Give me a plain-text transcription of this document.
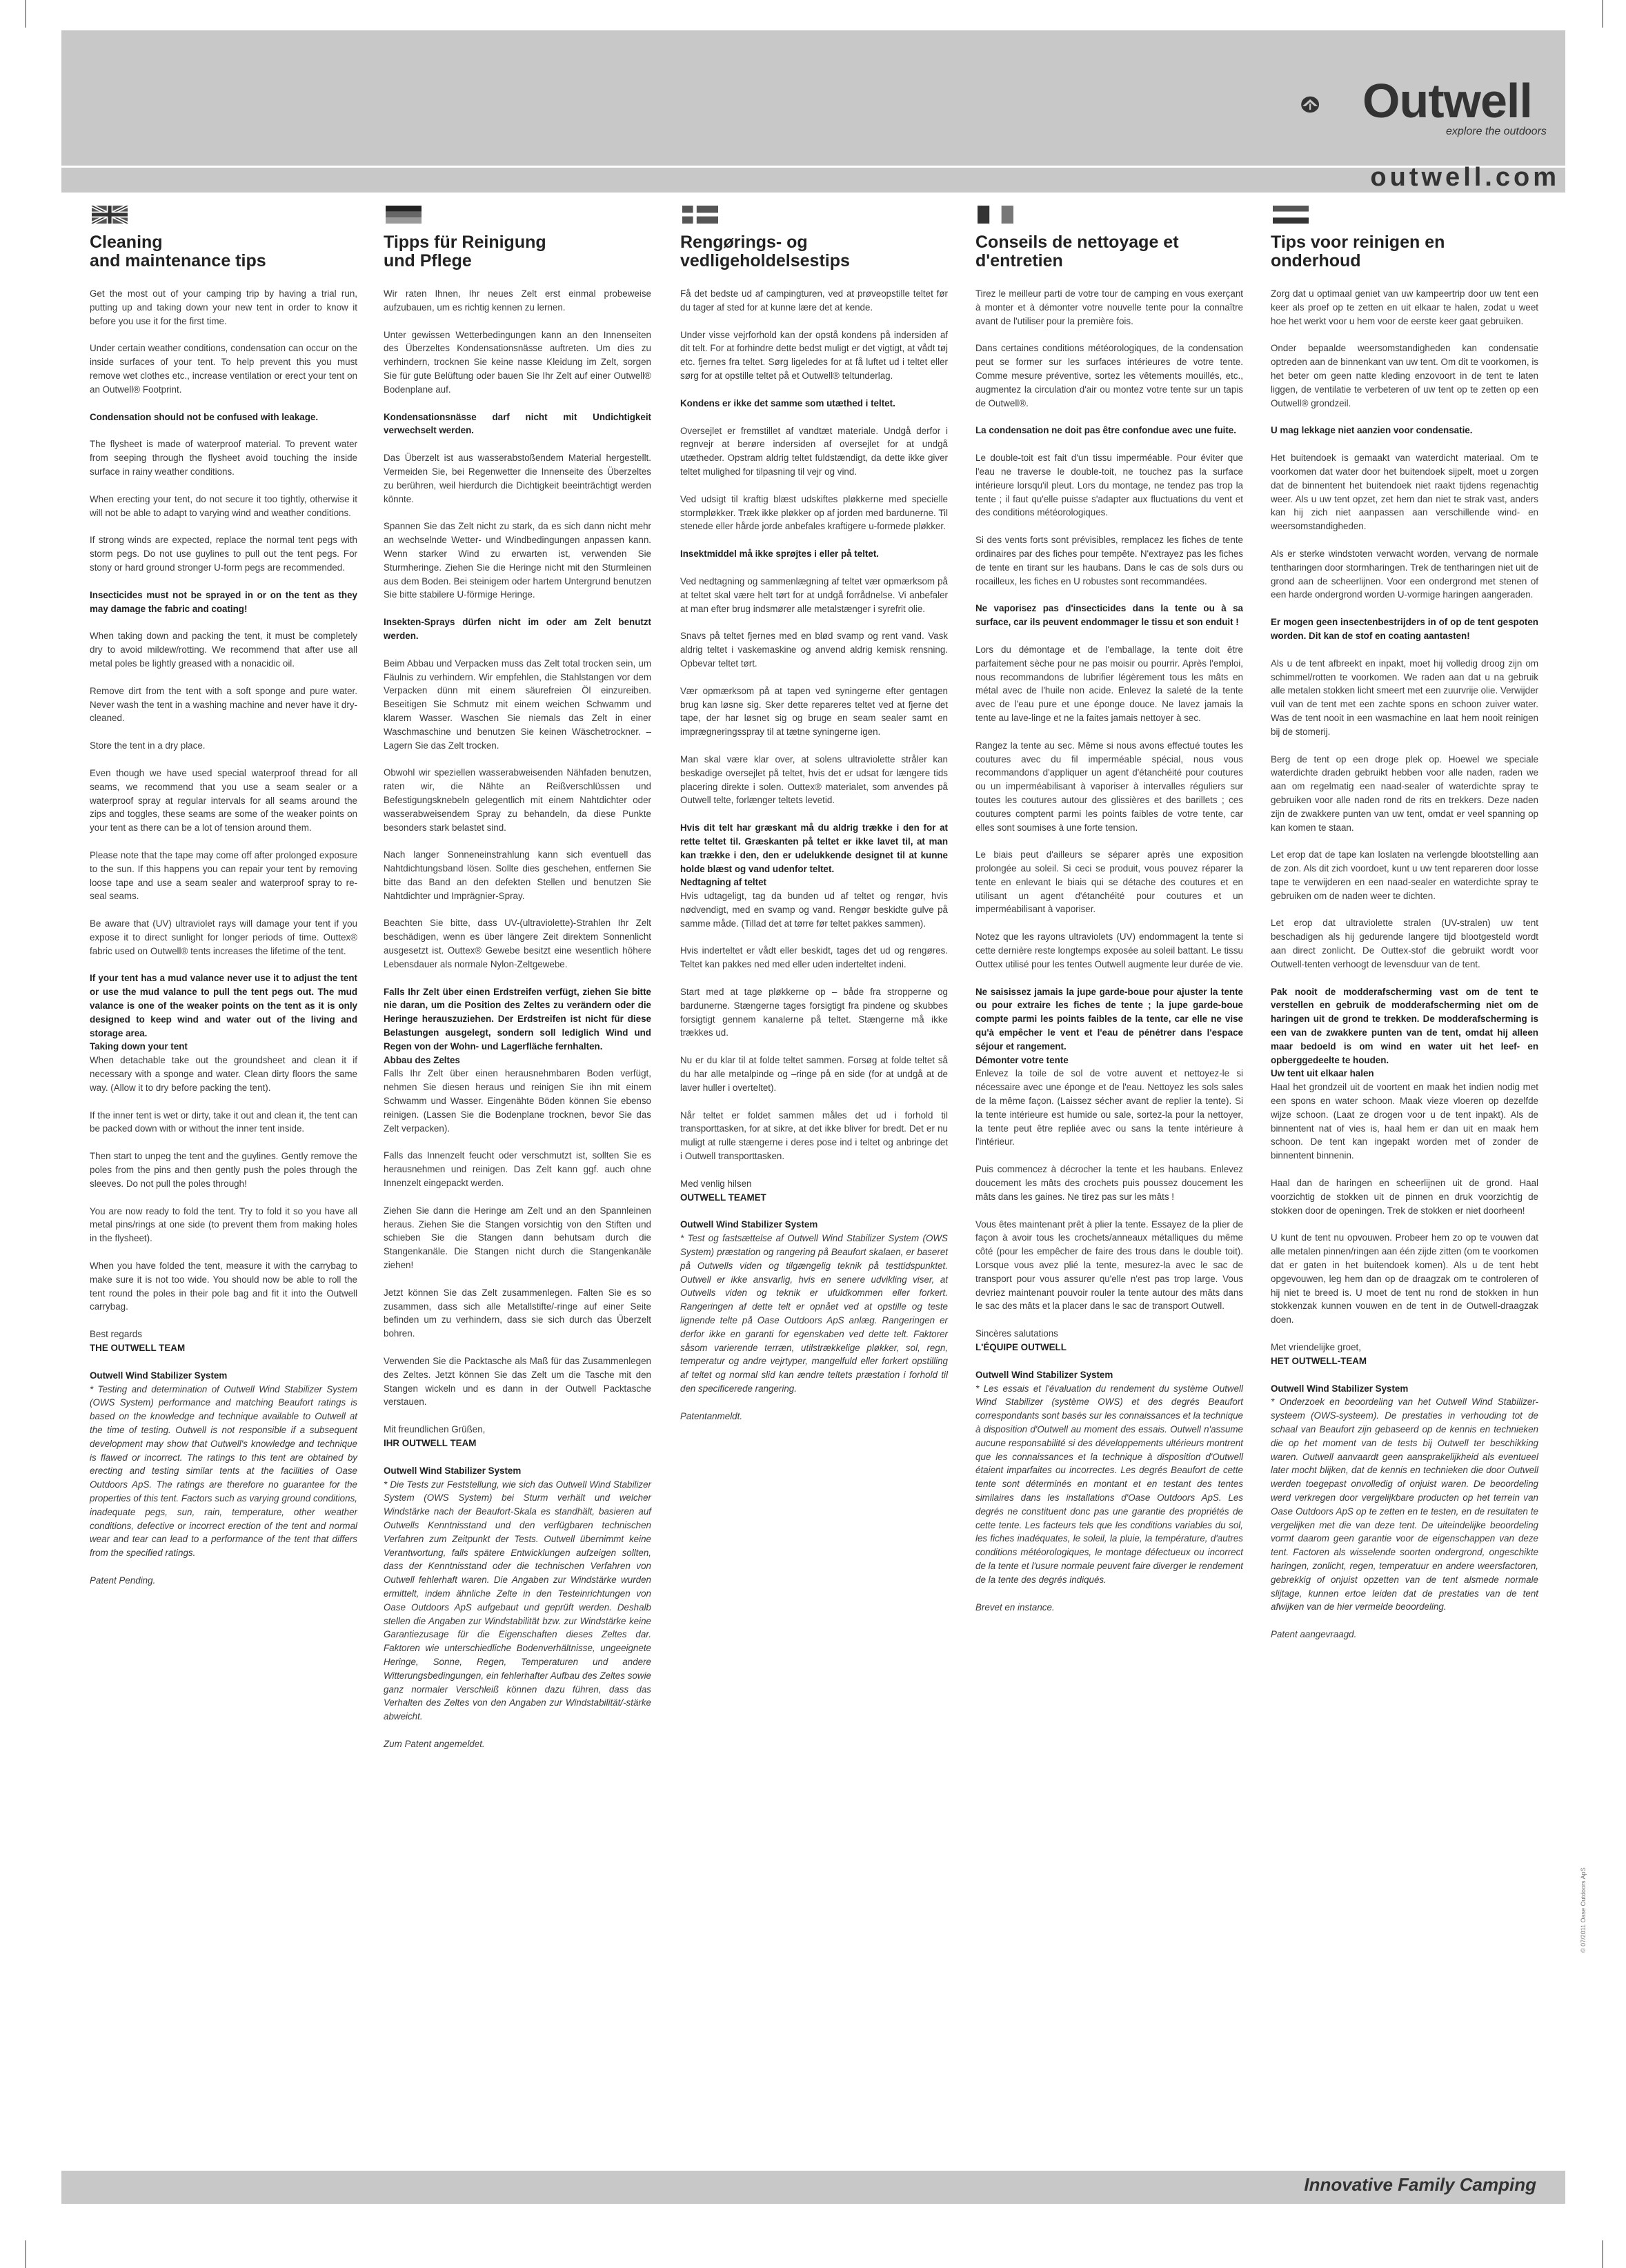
Outwell
explore the outdoors
outwell.com
Cleaning
and maintenance tips

Get the most out of your camping trip by having a trial run, putting up and taking down your new tent in order to know it before you use it for the first time.

Under certain weather conditions, condensation can occur on the inside surfaces of your tent. To help prevent this you must remove wet clothes etc., increase ventilation or erect your tent on an Outwell® Footprint.

Condensation should not be confused with leakage.

The flysheet is made of waterproof material. To prevent water from seeping through the flysheet avoid touching the inside surface in rainy weather conditions.

When erecting your tent, do not secure it too tightly, otherwise it will not be able to adapt to varying wind and weather conditions.

If strong winds are expected, replace the normal tent pegs with storm pegs. Do not use guylines to pull out the tent pegs. For stony or hard ground stronger U-form pegs are recommended.

Insecticides must not be sprayed in or on the tent as they may damage the fabric and coating!

When taking down and packing the tent, it must be completely dry to avoid mildew/rotting. We recommend that after use all metal poles be lightly greased with a nonacidic oil.

Remove dirt from the tent with a soft sponge and pure water. Never wash the tent in a washing machine and never have it dry-cleaned.

Store the tent in a dry place.

Even though we have used special waterproof thread for all seams, we recommend that you use a seam sealer or a waterproof spray at regular intervals for all seams around the zips and toggles, these seams are some of the weaker points on your tent as there can be a lot of tension around them.

Please note that the tape may come off after prolonged exposure to the sun. If this happens you can repair your tent by removing loose tape and use a seam sealer and waterproof spray to re-seal seams.

Be aware that (UV) ultraviolet rays will damage your tent if you expose it to direct sunlight for longer periods of time. Outtex® fabric used on Outwell® tents increases the lifetime of the tent.

If your tent has a mud valance never use it to adjust the tent or use the mud valance to pull the tent pegs out. The mud valance is one of the weaker points on the tent as it is only designed to keep wind and water out of the living and storage area.
Taking down your tent
When detachable take out the groundsheet and clean it if necessary with a sponge and water. Clean dirty floors the same way. (Allow it to dry before packing the tent).

If the inner tent is wet or dirty, take it out and clean it, the tent can be packed down with or without the inner tent inside.

Then start to unpeg the tent and the guylines. Gently remove the poles from the pins and then gently push the poles through the sleeves. Do not pull the poles through!

You are now ready to fold the tent. Try to fold it so you have all metal pins/rings at one side (to prevent them from making holes in the flysheet).

When you have folded the tent, measure it with the carrybag to make sure it is not too wide. You should now be able to roll the tent round the poles in their pole bag and fit it into the Outwell carrybag.

Best regards
THE OUTWELL TEAM

Outwell Wind Stabilizer System
* Testing and determination of Outwell Wind Stabilizer System (OWS System) performance and matching Beaufort ratings is based on the knowledge and technique available to Outwell at the time of testing. Outwell is not responsible if a subsequent development may show that Outwell's knowledge and technique is flawed or incorrect. The ratings to this tent are obtained by erecting and testing similar tents at the facilities of Oase Outdoors ApS. The ratings are therefore no guarantee for the properties of this tent. Factors such as varying ground conditions, inadequate pegs, sun, rain, temperature, other weather conditions, defective or incorrect erection of the tent and normal wear and tear can lead to a performance of the tent that differs from the specified ratings.

Patent Pending.

Tipps für Reinigung
und Pflege

Wir raten Ihnen, Ihr neues Zelt erst einmal probeweise aufzubauen, um es richtig kennen zu lernen.

Unter gewissen Wetterbedingungen kann an den Innenseiten des Überzeltes Kondensationsnässe auftreten. Um dies zu verhindern, trocknen Sie keine nasse Kleidung im Zelt, sorgen Sie für gute Belüftung oder bauen Sie Ihr Zelt auf einer Outwell® Bodenplane auf.

Kondensationsnässe darf nicht mit Undichtigkeit verwechselt werden.

Das Überzelt ist aus wasserabstoßendem Material hergestellt. Vermeiden Sie, bei Regenwetter die Innenseite des Überzeltes zu berühren, weil hierdurch die Dichtigkeit beeinträchtigt werden könnte.

Spannen Sie das Zelt nicht zu stark, da es sich dann nicht mehr an wechselnde Wetter- und Windbedingungen anpassen kann. Wenn starker Wind zu erwarten ist, verwenden Sie Sturmheringe. Ziehen Sie die Heringe nicht mit den Sturmleinen aus dem Boden. Bei steinigem oder hartem Untergrund benutzen Sie bitte stabilere U-förmige Heringe.

Insekten-Sprays dürfen nicht im oder am Zelt benutzt werden.

Beim Abbau und Verpacken muss das Zelt total trocken sein, um Fäulnis zu verhindern. Wir empfehlen, die Stahlstangen vor dem Verpacken dünn mit einem säurefreien Öl einzureiben. Beseitigen Sie Schmutz mit einem weichen Schwamm und klarem Wasser. Waschen Sie niemals das Zelt in einer Waschmaschine und benutzen Sie keinen Wäschetrockner. – Lagern Sie das Zelt trocken.

Obwohl wir speziellen wasserabweisenden Nähfaden benutzen, raten wir, die Nähte an Reißverschlüssen und Befestigungsknebeln gelegentlich mit einem Nahtdichter oder wasserabweisendem Spray zu behandeln, da diese Punkte besonders stark belastet sind.

Nach langer Sonneneinstrahlung kann sich eventuell das Nahtdichtungsband lösen. Sollte dies geschehen, entfernen Sie bitte das Band an den defekten Stellen und benutzen Sie Nahtdichter und Imprägnier-Spray.

Beachten Sie bitte, dass UV-(ultraviolette)-Strahlen Ihr Zelt beschädigen, wenn es über längere Zeit direktem Sonnenlicht ausgesetzt ist. Outtex® Gewebe besitzt eine wesentlich höhere Lebensdauer als normale Nylon-Zeltgewebe.

Falls Ihr Zelt über einen Erdstreifen verfügt, ziehen Sie bitte nie daran, um die Position des Zeltes zu verändern oder die Heringe herauszuziehen. Der Erdstreifen ist nicht für diese Belastungen ausgelegt, sondern soll lediglich Wind und Regen von der Wohn- und Lagerfläche fernhalten.
Abbau des Zeltes
Falls Ihr Zelt über einen herausnehmbaren Boden verfügt, nehmen Sie diesen heraus und reinigen Sie ihn mit einem Schwamm und Wasser. Eingenähte Böden können Sie ebenso reinigen. (Lassen Sie die Bodenplane trocknen, bevor Sie das Zelt verpacken).

Falls das Innenzelt feucht oder verschmutzt ist, sollten Sie es herausnehmen und reinigen. Das Zelt kann ggf. auch ohne Innenzelt eingepackt werden.

Ziehen Sie dann die Heringe am Zelt und an den Spannleinen heraus. Ziehen Sie die Stangen vorsichtig von den Stiften und schieben Sie die Stangen dann behutsam durch die Stangenkanäle. Die Stangen nicht durch die Stangenkanäle ziehen!

Jetzt können Sie das Zelt zusammenlegen. Falten Sie es so zusammen, dass sich alle Metallstifte/-ringe auf einer Seite befinden um zu verhindern, dass sie sich durch das Überzelt bohren.

Verwenden Sie die Packtasche als Maß für das Zusammenlegen des Zeltes. Jetzt können Sie das Zelt um die Tasche mit den Stangen wickeln und es dann in der Outwell Packtasche verstauen.

Mit freundlichen Grüßen,
IHR OUTWELL TEAM

Outwell Wind Stabilizer System
* Die Tests zur Feststellung, wie sich das Outwell Wind Stabilizer System (OWS System) bei Sturm verhält und welcher Windstärke nach der Beaufort-Skala es standhält, basieren auf Outwells Kenntnisstand und den verfügbaren technischen Verfahren zum Zeitpunkt der Tests. Outwell übernimmt keine Verantwortung, falls spätere Entwicklungen aufzeigen sollten, dass der Kenntnisstand oder die technischen Verfahren von Outwell fehlerhaft waren. Die Angaben zur Windstärke wurden ermittelt, indem ähnliche Zelte in den Testeinrichtungen von Oase Outdoors ApS aufgebaut und geprüft werden. Deshalb stellen die Angaben zur Windstabilität bzw. zur Windstärke keine Garantiezusage für die Eigenschaften dieses Zeltes dar. Faktoren wie unterschiedliche Bodenverhältnisse, ungeeignete Heringe, Sonne, Regen, Temperaturen und andere Witterungsbedingungen, ein fehlerhafter Aufbau des Zeltes sowie ganz normaler Verschleiß können dazu führen, dass das Verhalten des Zeltes von den Angaben zur Windstabilität/-stärke abweicht.

Zum Patent angemeldet.

Rengørings- og
vedligeholdelsestips

Få det bedste ud af campingturen, ved at prøveopstille teltet før du tager af sted for at kunne lære det at kende.

Under visse vejrforhold kan der opstå kondens på indersiden af dit telt. For at forhindre dette bedst muligt er det vigtigt, at vådt tøj etc. fjernes fra teltet. Sørg ligeledes for at få luftet ud i teltet eller sørg for at opstille teltet på et Outwell® teltunderlag.

Kondens er ikke det samme som utæthed i teltet.

Oversejlet er fremstillet af vandtæt materiale. Undgå derfor i regnvejr at berøre indersiden af oversejlet for at undgå utætheder. Opstram aldrig teltet fuldstændigt, da dette ikke giver teltet mulighed for tilpasning til vejr og vind.

Ved udsigt til kraftig blæst udskiftes pløkkerne med specielle stormpløkker. Træk ikke pløkker op af jorden med bardunerne. Til stenede eller hårde jorde anbefales kraftigere u-formede pløkker.

Insektmiddel må ikke sprøjtes i eller på teltet.

Ved nedtagning og sammenlægning af teltet vær opmærksom på at teltet skal være helt tørt for at undgå forrådnelse. Vi anbefaler at man efter brug indsmører alle metalstænger i syrefrit olie.

Snavs på teltet fjernes med en blød svamp og rent vand. Vask aldrig teltet i vaskemaskine og anvend aldrig kemisk rensning. Opbevar teltet tørt.

Vær opmærksom på at tapen ved syningerne efter gentagen brug kan løsne sig. Sker dette repareres teltet ved at fjerne det tape, der har løsnet sig og bruge en seam sealer samt en imprægneringsspray til at tætne syningerne igen.

Man skal være klar over, at solens ultraviolette stråler kan beskadige oversejlet på teltet, hvis det er udsat for længere tids placering direkte i solen. Outtex® materialet, som anvendes på Outwell telte, forlænger teltets levetid.

Hvis dit telt har græskant må du aldrig trække i den for at rette teltet til. Græskanten på teltet er ikke lavet til, at man kan trække i den, den er udelukkende designet til at kunne holde blæst og vand udenfor teltet.
Nedtagning af teltet
Hvis udtageligt, tag da bunden ud af teltet og rengør, hvis nødvendigt, med en svamp og vand. Rengør beskidte gulve på samme måde. (Tillad det at tørre før teltet pakkes sammen).

Hvis inderteltet er vådt eller beskidt, tages det ud og rengøres. Teltet kan pakkes ned med eller uden inderteltet indeni.

Start med at tage pløkkerne op – både fra stropperne og bardunerne. Stængerne tages forsigtigt fra pindene og skubbes forsigtigt gennem kanalerne på teltet. Stængerne må ikke trækkes ud.

Nu er du klar til at folde teltet sammen. Forsøg at folde teltet så du har alle metalpinde og –ringe på en side (for at undgå at de laver huller i overteltet).

Når teltet er foldet sammen måles det ud i forhold til transporttasken, for at sikre, at det ikke bliver for bredt. Det er nu muligt at rulle stængerne i deres pose ind i teltet og anbringe det i Outwell transporttasken.

Med venlig hilsen
OUTWELL TEAMET

Outwell Wind Stabilizer System
* Test og fastsættelse af Outwell Wind Stabilizer System (OWS System) præstation og rangering på Beaufort skalaen, er baseret på Outwells viden og tilgængelig teknik på testtidspunktet. Outwell er ikke ansvarlig, hvis en senere udvikling viser, at Outwells viden og teknik er ufuldkommen eller forkert. Rangeringen af dette telt er opnået ved at opstille og teste lignende telte på Oase Outdoors ApS anlæg. Rangeringen er derfor ikke en garanti for egenskaben ved dette telt. Faktorer såsom varierende terræn, utilstrækkelige pløkker, sol, regn, temperatur og andre vejrtyper, mangelfuld eller forkert opstilling af teltet og normal slid kan ændre teltets præstation i forhold til den specificerede rangering.

Patentanmeldt.

Conseils de nettoyage et
d'entretien

Tirez le meilleur parti de votre tour de camping en vous exerçant à monter et à démonter votre nouvelle tente pour la connaître avant de l'utiliser pour la première fois.

Dans certaines conditions météorologiques, de la condensation peut se former sur les surfaces intérieures de votre tente. Comme mesure préventive, sortez les vêtements mouillés, etc., augmentez la circulation d'air ou montez votre tente sur un tapis de Outwell®.

La condensation ne doit pas être confondue avec une fuite.

Le double-toit est fait d'un tissu imperméable. Pour éviter que l'eau ne traverse le double-toit, ne touchez pas la surface intérieure lorsqu'il pleut. Lors du montage, ne tendez pas trop la tente ; il faut qu'elle puisse s'adapter aux fluctuations du vent et des conditions météorologiques.

Si des vents forts sont prévisibles, remplacez les fiches de tente ordinaires par des fiches pour tempête. N'extrayez pas les fiches de tente en tirant sur les haubans. Dans le cas de sols durs ou rocailleux, les fiches en U robustes sont recommandées.

Ne vaporisez pas d'insecticides dans la tente ou à sa surface, car ils peuvent endommager le tissu et son enduit !

Lors du démontage et de l'emballage, la tente doit être parfaitement sèche pour ne pas moisir ou pourrir. Après l'emploi, nous recommandons de lubrifier légèrement tous les mâts en métal avec de l'huile non acide. Enlevez la saleté de la tente avec de l'eau pure et une éponge douce. Ne lavez jamais la tente au lave-linge et ne la faites jamais nettoyer à sec.

Rangez la tente au sec. Même si nous avons effectué toutes les coutures avec du fil imperméable spécial, nous vous recommandons d'appliquer un agent d'étanchéité pour coutures ou un imperméabilisant à vaporiser à intervalles réguliers sur toutes les coutures autour des glissières et des barillets ; ces coutures comptent parmi les points faibles de votre tente, car elles sont soumises à une forte tension.

Le biais peut d'ailleurs se séparer après une exposition prolongée au soleil. Si ceci se produit, vous pouvez réparer la tente en enlevant le biais qui se détache des coutures et en utilisant un agent d'étanchéité pour coutures et un imperméabilisant à vaporiser.

Notez que les rayons ultraviolets (UV) endommagent la tente si cette dernière reste longtemps exposée au soleil battant. Le tissu Outtex utilisé pour les tentes Outwell augmente leur durée de vie.

Ne saisissez jamais la jupe garde-boue pour ajuster la tente ou pour extraire les fiches de tente ; la jupe garde-boue compte parmi les points faibles de la tente, car elle ne vise qu'à empêcher le vent et l'eau de pénétrer dans l'espace séjour et rangement.
Démonter votre tente
Enlevez la toile de sol de votre auvent et nettoyez-le si nécessaire avec une éponge et de l'eau. Nettoyez les sols sales de la même façon. (Laissez sécher avant de replier la tente). Si la tente intérieure est humide ou sale, sortez-la pour la nettoyer, la tente peut être repliée avec ou sans la tente intérieure à l'intérieur.

Puis commencez à décrocher la tente et les haubans. Enlevez doucement les mâts des crochets puis poussez doucement les mâts dans les gaines. Ne tirez pas sur les mâts !

Vous êtes maintenant prêt à plier la tente. Essayez de la plier de façon à avoir tous les crochets/anneaux métalliques du même côté (pour les empêcher de faire des trous dans le double toit). Lorsque vous avez plié la tente, mesurez-la avec le sac de transport pour vous assurer qu'elle n'est pas trop large. Vous devriez maintenant pouvoir rouler la tente autour des mâts dans le sac des mâts et la placer dans le sac de transport Outwell.

Sincères salutations
L'ÉQUIPE OUTWELL

Outwell Wind Stabilizer System
* Les essais et l'évaluation du rendement du système Outwell Wind Stabilizer (système OWS) et des degrés Beaufort correspondants sont basés sur les connaissances et la technique à disposition d'Outwell au moment des essais. Outwell n'assume aucune responsabilité si des développements ultérieurs montrent que les connaissances et la technique à disposition d'Outwell étaient imparfaites ou incorrectes. Les degrés Beaufort de cette tente sont déterminés en montant et en testant des tentes similaires dans les installations d'Oase Outdoors ApS. Les degrés ne constituent donc pas une garantie des propriétés de cette tente. Les facteurs tels que les conditions variables du sol, les fiches inadéquates, le soleil, la pluie, la température, d'autres conditions météorologiques, le montage défectueux ou incorrect de la tente et l'usure normale peuvent faire diverger le rendement de la tente des degrés indiqués.

Brevet en instance.

Tips voor reinigen en
onderhoud

Zorg dat u optimaal geniet van uw kampeertrip door uw tent een keer als proef op te zetten en uit elkaar te halen, zodat u weet hoe het werkt voor u hem voor de eerste keer gaat gebruiken.

Onder bepaalde weersomstandigheden kan condensatie optreden aan de binnenkant van uw tent. Om dit te voorkomen, is het beter om geen natte kleding enzovoort in de tent te laten liggen, de ventilatie te verbeteren of uw tent op te zetten op een Outwell® grondzeil.

U mag lekkage niet aanzien voor condensatie.

Het buitendoek is gemaakt van waterdicht materiaal. Om te voorkomen dat water door het buitendoek sijpelt, moet u zorgen dat de binnentent het buitendoek niet raakt tijdens regenachtig weer. Als u uw tent opzet, zet hem dan niet te strak vast, anders kan hij zich niet aanpassen aan verschillende wind- en weersomstandigheden.

Als er sterke windstoten verwacht worden, vervang de normale tentharingen door stormharingen. Trek de tentharingen niet uit de grond aan de scheerlijnen. Voor een ondergrond met stenen of een harde ondergrond worden U-vormige haringen aangeraden.

Er mogen geen insectenbestrijders in of op de tent gespoten worden. Dit kan de stof en coating aantasten!

Als u de tent afbreekt en inpakt, moet hij volledig droog zijn om schimmel/rotten te voorkomen. We raden aan dat u na gebruik alle metalen stokken licht smeert met een zuurvrije olie. Verwijder vuil van de tent met een zachte spons en schoon zuiver water. Was de tent nooit in een wasmachine en laat hem nooit reinigen bij de stomerij.

Berg de tent op een droge plek op. Hoewel we speciale waterdichte draden gebruikt hebben voor alle naden, raden we aan om regelmatig een naad-sealer of waterdichte spray te gebruiken voor alle naden rond de rits en trekkers. Deze naden zijn de zwakkere punten van uw tent, omdat er veel spanning op kan komen te staan.

Let erop dat de tape kan loslaten na verlengde blootstelling aan de zon. Als dit zich voordoet, kunt u uw tent repareren door losse tape te verwijderen en een naad-sealer en waterdichte spray te gebruiken om de naden weer te dichten.

Let erop dat ultraviolette stralen (UV-stralen) uw tent beschadigen als hij gedurende langere tijd blootgesteld wordt aan direct zonlicht. De Outtex-stof die gebruikt wordt voor Outwell-tenten verhoogt de levensduur van de tent.

Pak nooit de modderafscherming vast om de tent te verstellen en gebruik de modderafscherming niet om de haringen uit de grond te trekken. De modderafscherming is een van de zwakkere punten van de tent, omdat hij alleen maar bedoeld is om wind en water uit het leef- en opberggedeelte te houden.
Uw tent uit elkaar halen
Haal het grondzeil uit de voortent en maak het indien nodig met een spons en water schoon. Maak vieze vloeren op dezelfde wijze schoon. (Laat ze drogen voor u de tent inpakt). Als de binnentent nat of vies is, haal hem er dan uit en maak hem schoon. De tent kan ingepakt worden met of zonder de binnentent binnenin.

Haal dan de haringen en scheerlijnen uit de grond. Haal voorzichtig de stokken uit de pinnen en druk voorzichtig de stokken door de openingen. Trek de stokken er niet doorheen!

U kunt de tent nu opvouwen. Probeer hem zo op te vouwen dat alle metalen pinnen/ringen aan één zijde zitten (om te voorkomen dat er gaten in het buitendoek komen). Als u de tent hebt opgevouwen, leg hem dan op de draagzak om te controleren of hij niet te breed is. U moet de tent nu rond de stokken in hun stokkenzak kunnen vouwen en de tent in de Outwell-draagzak doen.

Met vriendelijke groet,
HET OUTWELL-TEAM

Outwell Wind Stabilizer System
* Onderzoek en beoordeling van het Outwell Wind Stabilizer-systeem (OWS-systeem). De prestaties in verhouding tot de schaal van Beaufort zijn gebaseerd op de kennis en technieken die op het moment van de tests bij Outwell ter beschikking waren. Outwell aanvaardt geen aansprakelijkheid als eventueel later mocht blijken, dat de kennis en technieken die door Outwell werden toegepast onvolledig of onjuist waren. De beoordeling werd verkregen door vergelijkbare producten op het terrein van Oase Outdoors ApS op te zetten en te testen, en de resultaten te vergelijken met die van deze tent. De uiteindelijke beoordeling vormt daarom geen garantie voor de eigenschappen van deze tent. Factoren als wisselende soorten ondergrond, ongeschikte haringen, zonlicht, regen, temperatuur en andere weersfactoren, gebrekkig of onjuist opzetten van de tent alsmede normale slijtage, kunnen ertoe leiden dat de prestaties van de tent afwijken van de hier vermelde beoordeling.

Patent aangevraagd.

Innovative Family Camping
© 07/2011 Oase Outdoors ApS
